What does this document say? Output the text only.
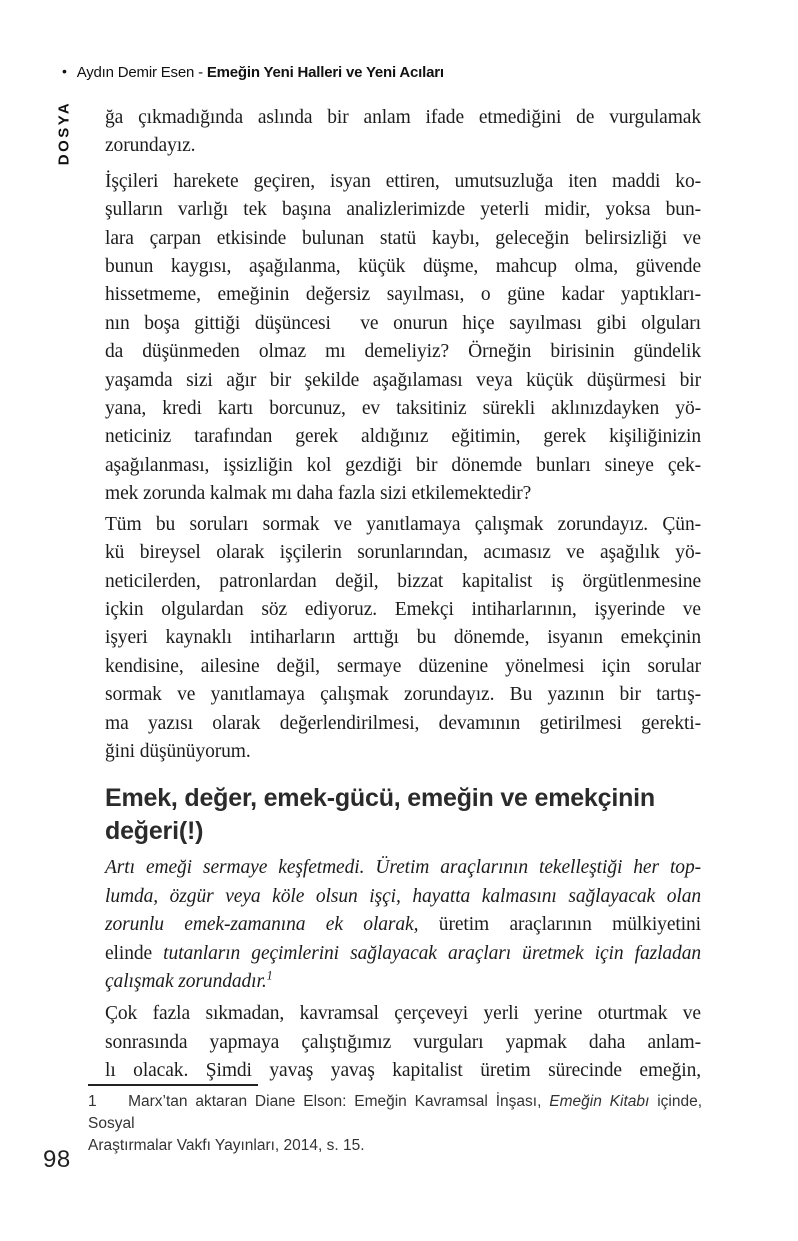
• Aydın Demir Esen - Emeğin Yeni Halleri ve Yeni Acıları
DOSYA ğa çıkmadığında aslında bir anlam ifade etmediğini de vurgulamak
zorundayız.
İşçileri harekete geçiren, isyan ettiren, umutsuzluğa iten maddi ko-
şulların varlığı tek başına analizlerimizde yeterli midir, yoksa bun-
lara çarpan etkisinde bulunan statü kaybı, geleceğin belirsizliği ve
bunun kaygısı, aşağılanma, küçük düşme, mahcup olma, güvende
hissetmeme, emeğinin değersiz sayılması, o güne kadar yaptıkları-
nın boşa gittiği düşüncesi  ve onurun hiçe sayılması gibi olguları
da düşünmeden olmaz mı demeliyiz? Örneğin birisinin gündelik
yaşamda sizi ağır bir şekilde aşağılaması veya küçük düşürmesi bir
yana, kredi kartı borcunuz, ev taksitiniz sürekli aklınızdayken yö-
neticiniz tarafından gerek aldığınız eğitimin, gerek kişiliğinizin
aşağılanması, işsizliğin kol gezdiği bir dönemde bunları sineye çek-
mek zorunda kalmak mı daha fazla sizi etkilemektedir?
Tüm bu soruları sormak ve yanıtlamaya çalışmak zorundayız. Çün-
kü bireysel olarak işçilerin sorunlarından, acımasız ve aşağılık yö-
neticilerden, patronlardan değil, bizzat kapitalist iş örgütlenmesine
içkin olgulardan söz ediyoruz. Emekçi intiharlarının, işyerinde ve
işyeri kaynaklı intiharların arttığı bu dönemde, isyanın emekçinin
kendisine, ailesine değil, sermaye düzenine yönelmesi için sorular
sormak ve yanıtlamaya çalışmak zorundayız. Bu yazının bir tartış-
ma yazısı olarak değerlendirilmesi, devamının getirilmesi gerekti-
ğini düşünüyorum.
Emek, değer, emek-gücü, emeğin ve emekçinin
değeri(!)
Artı emeği sermaye keşfetmedi. Üretim araçlarının tekelleştiği her top-
lumda, özgür veya köle olsun işçi, hayatta kalmasını sağlayacak olan
zorunlu emek-zamanına ek olarak, üretim araçlarının mülkiyetini
elinde tutanların geçimlerini sağlayacak araçları üretmek için fazladan
çalışmak zorundadır.$^1$
Çok fazla sıkmadan, kavramsal çerçeveyi yerli yerine oturtmak ve
sonrasında yapmaya çalıştığımız vurguları yapmak daha anlam-
lı olacak. Şimdi yavaş yavaş kapitalist üretim sürecinde emeğin,
1    Marx’tan aktaran Diane Elson: Emeğin Kavramsal İnşası, Emeğin Kitabı içinde, Sosyal
Araştırmalar Vakfı Yayınları, 2014, s. 15.
98
